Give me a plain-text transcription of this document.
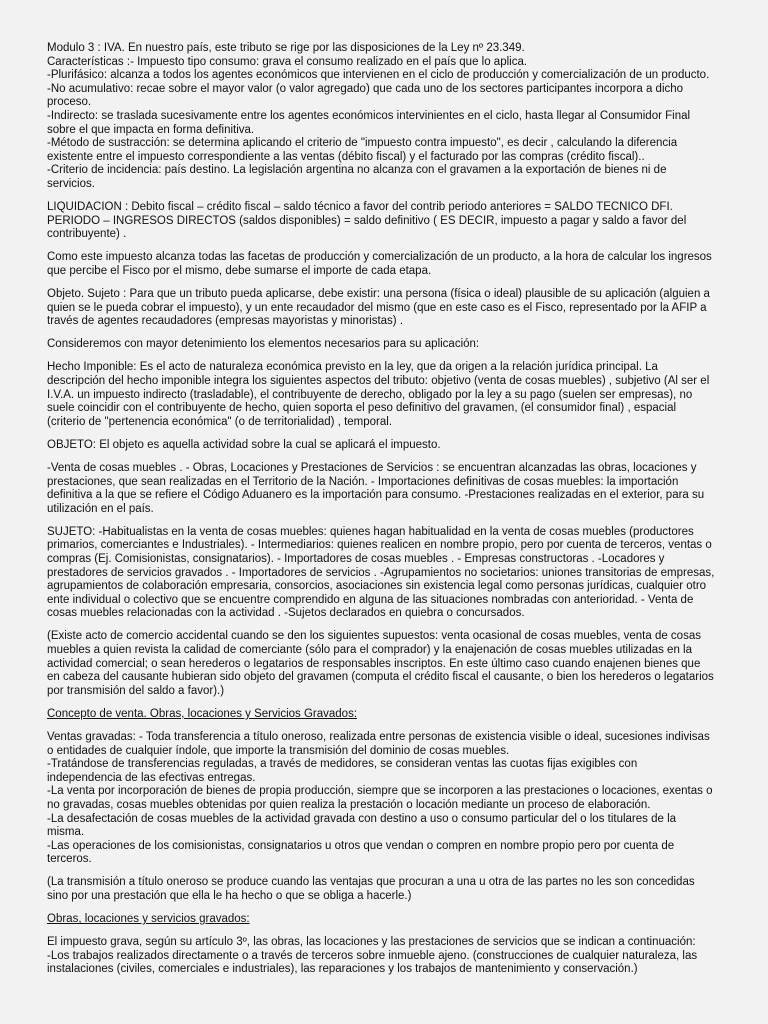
Modulo 3 : IVA. En nuestro país, este tributo se rige por las disposiciones de la Ley nº 23.349.
Características :- Impuesto tipo consumo: grava el consumo realizado en el país que lo aplica.
-Plurifásico: alcanza a todos los agentes económicos que intervienen en el ciclo de producción y comercialización de un producto.
-No acumulativo: recae sobre el mayor valor (o valor agregado) que cada uno de los sectores participantes incorpora a dicho
proceso.
-Indirecto: se traslada sucesivamente entre los agentes económicos intervinientes en el ciclo, hasta llegar al Consumidor Final
sobre el que impacta en forma definitiva.
-Método de sustracción: se determina aplicando el criterio de "impuesto contra impuesto", es decir , calculando la diferencia
existente entre el impuesto correspondiente a las ventas (débito fiscal) y el facturado por las compras (crédito fiscal)..
-Criterio de incidencia: país destino. La legislación argentina no alcanza con el gravamen a la exportación de bienes ni de
servicios.

LIQUIDACION : Debito fiscal – crédito fiscal – saldo técnico a favor del contrib periodo anteriores = SALDO TECNICO DFI.
PERIODO – INGRESOS DIRECTOS (saldos disponibles) = saldo definitivo ( ES DECIR, impuesto a pagar y saldo a favor del
contribuyente) .

Como este impuesto alcanza todas las facetas de producción y comercialización de un producto, a la hora de calcular los ingresos
que percibe el Fisco por el mismo, debe sumarse el importe de cada etapa.

Objeto. Sujeto : Para que un tributo pueda aplicarse, debe existir: una persona (física o ideal) plausible de su aplicación (alguien a
quien se le pueda cobrar el impuesto), y un ente recaudador del mismo (que en este caso es el Fisco, representado por la AFIP a
través de agentes recaudadores (empresas mayoristas y minoristas) .

Consideremos con mayor detenimiento los elementos necesarios para su aplicación:

Hecho Imponible: Es el acto de naturaleza económica previsto en la ley, que da origen a la relación jurídica principal. La
descripción del hecho imponible integra los siguientes aspectos del tributo: objetivo (venta de cosas muebles) , subjetivo (Al ser el
I.V.A. un impuesto indirecto (trasladable), el contribuyente de derecho, obligado por la ley a su pago (suelen ser empresas), no
suele coincidir con el contribuyente de hecho, quien soporta el peso definitivo del gravamen, (el consumidor final) , espacial
(criterio de "pertenencia económica" (o de territorialidad) , temporal.

OBJETO: El objeto es aquella actividad sobre la cual se aplicará el impuesto.

-Venta de cosas muebles . - Obras, Locaciones y Prestaciones de Servicios : se encuentran alcanzadas las obras, locaciones y
prestaciones, que sean realizadas en el Territorio de la Nación. - Importaciones definitivas de cosas muebles: la importación
definitiva a la que se refiere el Código Aduanero es la importación para consumo. -Prestaciones realizadas en el exterior, para su
utilización en el país.

SUJETO: -Habitualistas en la venta de cosas muebles: quienes hagan habitualidad en la venta de cosas muebles (productores
primarios, comerciantes e Industriales). - Intermediarios: quienes realicen en nombre propio, pero por cuenta de terceros, ventas o
compras (Ej. Comisionistas, consignatarios). - Importadores de cosas muebles . - Empresas constructoras . -Locadores y
prestadores de servicios gravados . - Importadores de servicios . -Agrupamientos no societarios: uniones transitorias de empresas,
agrupamientos de colaboración empresaria, consorcios, asociaciones sin existencia legal como personas jurídicas, cualquier otro
ente individual o colectivo que se encuentre comprendido en alguna de las situaciones nombradas con anterioridad. - Venta de
cosas muebles relacionadas con la actividad . -Sujetos declarados en quiebra o concursados.

(Existe acto de comercio accidental cuando se den los siguientes supuestos: venta ocasional de cosas muebles, venta de cosas
muebles a quien revista la calidad de comerciante (sólo para el comprador) y la enajenación de cosas muebles utilizadas en la
actividad comercial; o sean herederos o legatarios de responsables inscriptos. En este último caso cuando enajenen bienes que
en cabeza del causante hubieran sido objeto del gravamen (computa el crédito fiscal el causante, o bien los herederos o legatarios
por transmisión del saldo a favor).)

Concepto de venta. Obras, locaciones y Servicios Gravados:

Ventas gravadas: - Toda transferencia a título oneroso, realizada entre personas de existencia visible o ideal, sucesiones indivisas
o entidades de cualquier índole, que importe la transmisión del dominio de cosas muebles.
-Tratándose de transferencias reguladas, a través de medidores, se consideran ventas las cuotas fijas exigibles con
independencia de las efectivas entregas.
-La venta por incorporación de bienes de propia producción, siempre que se incorporen a las prestaciones o locaciones, exentas o
no gravadas, cosas muebles obtenidas por quien realiza la prestación o locación mediante un proceso de elaboración.
-La desafectación de cosas muebles de la actividad gravada con destino a uso o consumo particular del o los titulares de la
misma.
-Las operaciones de los comisionistas, consignatarios u otros que vendan o compren en nombre propio pero por cuenta de
terceros.

(La transmisión a título oneroso se produce cuando las ventajas que procuran a una u otra de las partes no les son concedidas
sino por una prestación que ella le ha hecho o que se obliga a hacerle.)

Obras, locaciones y servicios gravados:

El impuesto grava, según su artículo 3º, las obras, las locaciones y las prestaciones de servicios que se indican a continuación:
-Los trabajos realizados directamente o a través de terceros sobre inmueble ajeno. (construcciones de cualquier naturaleza, las
instalaciones (civiles, comerciales e industriales), las reparaciones y los trabajos de mantenimiento y conservación.)
